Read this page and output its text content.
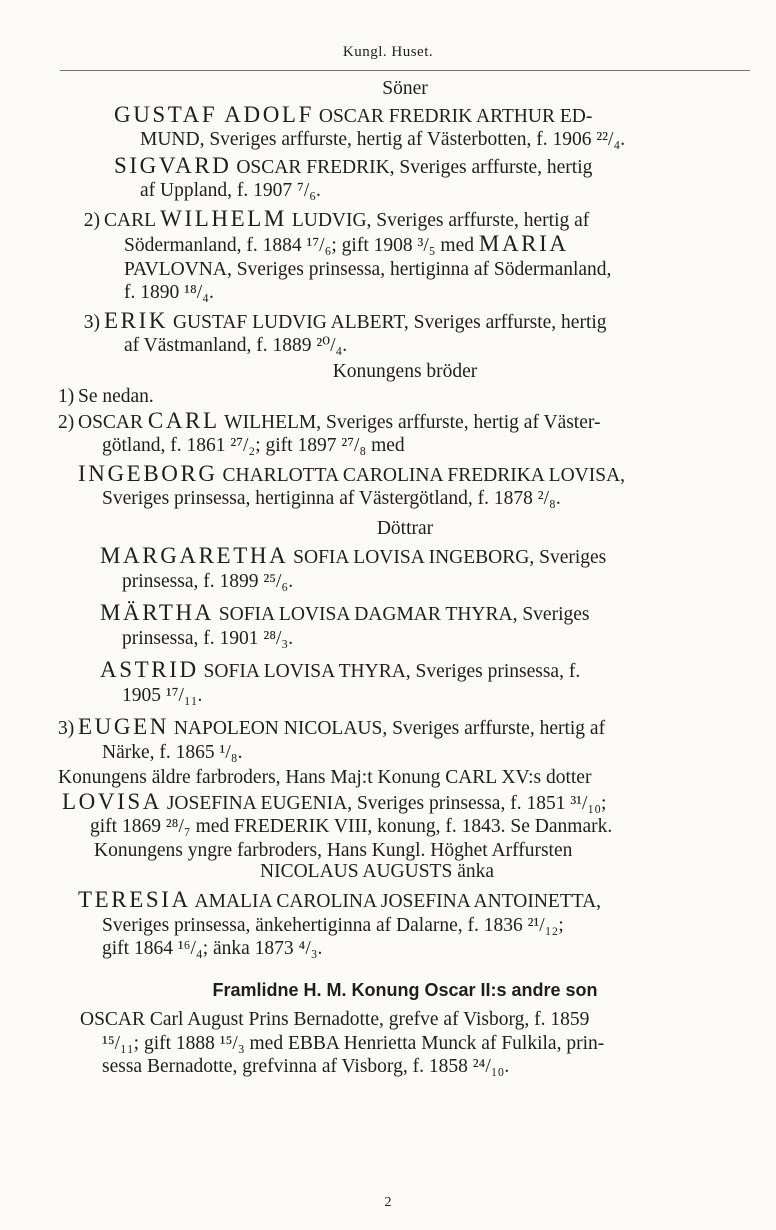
Kungl. Huset.
Söner
GUSTAF ADOLF OSCAR FREDRIK ARTHUR ED-
MUND, Sveriges arffurste, hertig af Västerbotten, f. 1906 ²²/₄.
SIGVARD OSCAR FREDRIK, Sveriges arffurste, hertig
af Uppland, f. 1907 ⁷/₆.
2) CARL WILHELM LUDVIG, Sveriges arffurste, hertig af
Södermanland, f. 1884 ¹⁷/₆; gift 1908 ³/₅ med MARIA
PAVLOVNA, Sveriges prinsessa, hertiginna af Södermanland,
f. 1890 ¹⁸/₄.
3) ERIK GUSTAF LUDVIG ALBERT, Sveriges arffurste, hertig
af Västmanland, f. 1889 ²⁰/₄.
Konungens bröder
1) Se nedan.
2) OSCAR CARL WILHELM, Sveriges arffurste, hertig af Väster-
götland, f. 1861 ²⁷/₂; gift 1897 ²⁷/₈ med
INGEBORG CHARLOTTA CAROLINA FREDRIKA LOVISA,
Sveriges prinsessa, hertiginna af Västergötland, f. 1878 ²/₈.
Döttrar
MARGARETHA SOFIA LOVISA INGEBORG, Sveriges
prinsessa, f. 1899 ²⁵/₆.
MÄRTHA SOFIA LOVISA DAGMAR THYRA, Sveriges
prinsessa, f. 1901 ²⁸/₃.
ASTRID SOFIA LOVISA THYRA, Sveriges prinsessa, f.
1905 ¹⁷/₁₁.
3) EUGEN NAPOLEON NICOLAUS, Sveriges arffurste, hertig af
Närke, f. 1865 ¹/₈.
Konungens äldre farbroders, Hans Maj:t Konung CARL XV:s dotter
LOVISA JOSEFINA EUGENIA, Sveriges prinsessa, f. 1851 ³¹/₁₀;
gift 1869 ²⁸/₇ med FREDERIK VIII, konung, f. 1843. Se Danmark.
Konungens yngre farbroders, Hans Kungl. Höghet Arffursten
NICOLAUS AUGUSTS änka
TERESIA AMALIA CAROLINA JOSEFINA ANTOINETTA,
Sveriges prinsessa, änkehertiginna af Dalarne, f. 1836 ²¹/₁₂;
gift 1864 ¹⁶/₄; änka 1873 ⁴/₃.
Framlidne H. M. Konung Oscar II:s andre son
OSCAR Carl August Prins Bernadotte, grefve af Visborg, f. 1859
¹⁵/₁₁; gift 1888 ¹⁵/₃ med EBBA Henrietta Munck af Fulkila, prin-
sessa Bernadotte, grefvinna af Visborg, f. 1858 ²⁴/₁₀.
2
